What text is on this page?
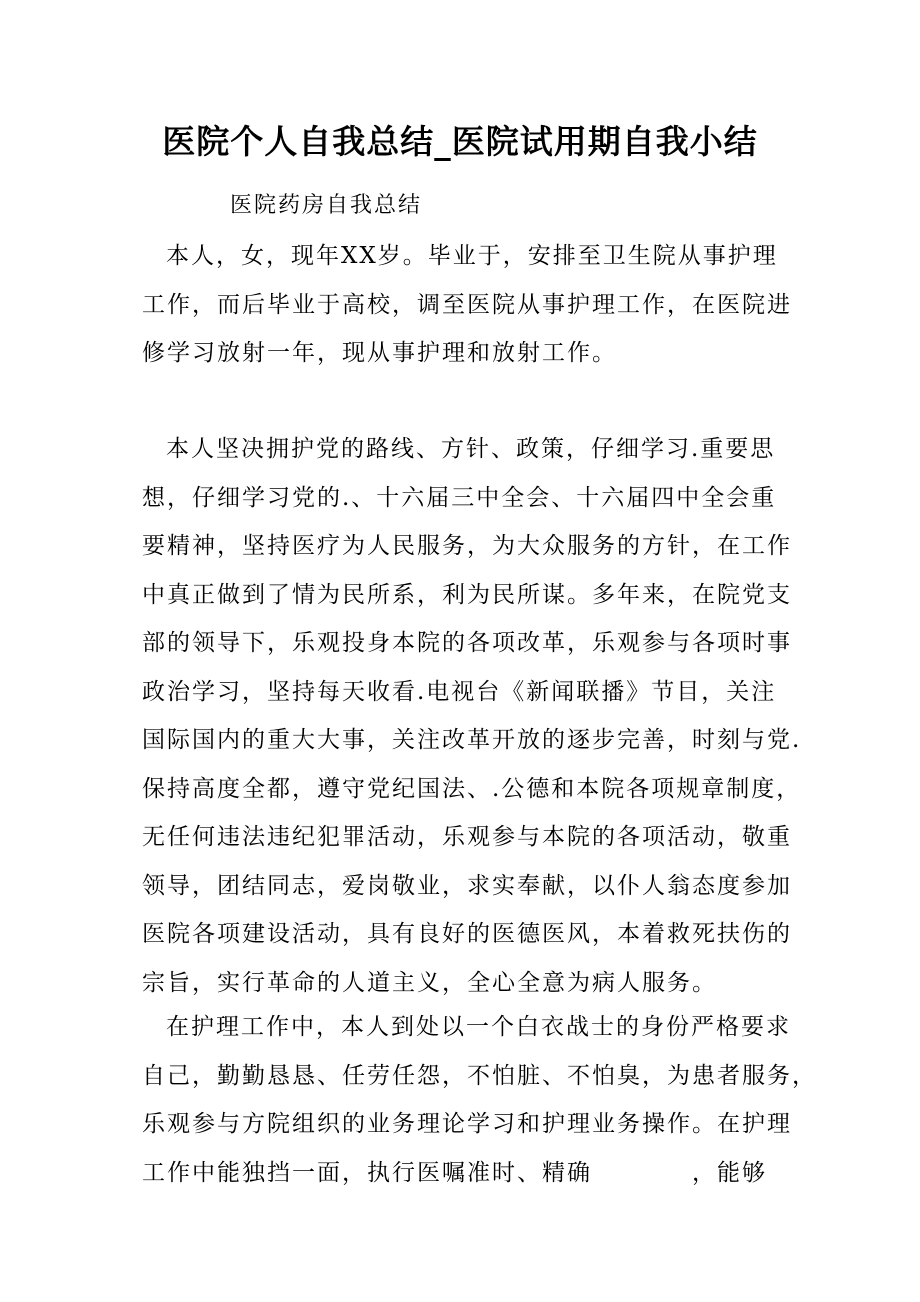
医院个人自我总结_医院试用期自我小结
医院药房自我总结

本人，女，现年XX岁。毕业于，安排至卫生院从事护理
工作，而后毕业于高校，调至医院从事护理工作，在医院进
修学习放射一年，现从事护理和放射工作。

本人坚决拥护党的路线、方针、政策，仔细学习.重要思
想，仔细学习党的.、十六届三中全会、十六届四中全会重
要精神，坚持医疗为人民服务，为大众服务的方针，在工作
中真正做到了情为民所系，利为民所谋。多年来，在院党支
部的领导下，乐观投身本院的各项改革，乐观参与各项时事
政治学习，坚持每天收看.电视台《新闻联播》节目，关注
国际国内的重大大事，关注改革开放的逐步完善，时刻与党.
保持高度全都，遵守党纪国法、.公德和本院各项规章制度，
无任何违法违纪犯罪活动，乐观参与本院的各项活动，敬重
领导，团结同志，爱岗敬业，求实奉献，以仆人翁态度参加
医院各项建设活动，具有良好的医德医风，本着救死扶伤的
宗旨，实行革命的人道主义，全心全意为病人服务。

在护理工作中，本人到处以一个白衣战士的身份严格要求
自己，勤勤恳恳、任劳任怨，不怕脏、不怕臭，为患者服务，
乐观参与方院组织的业务理论学习和护理业务操作。在护理
工作中能独挡一面，执行医嘱准时、精确　　　　，能够
